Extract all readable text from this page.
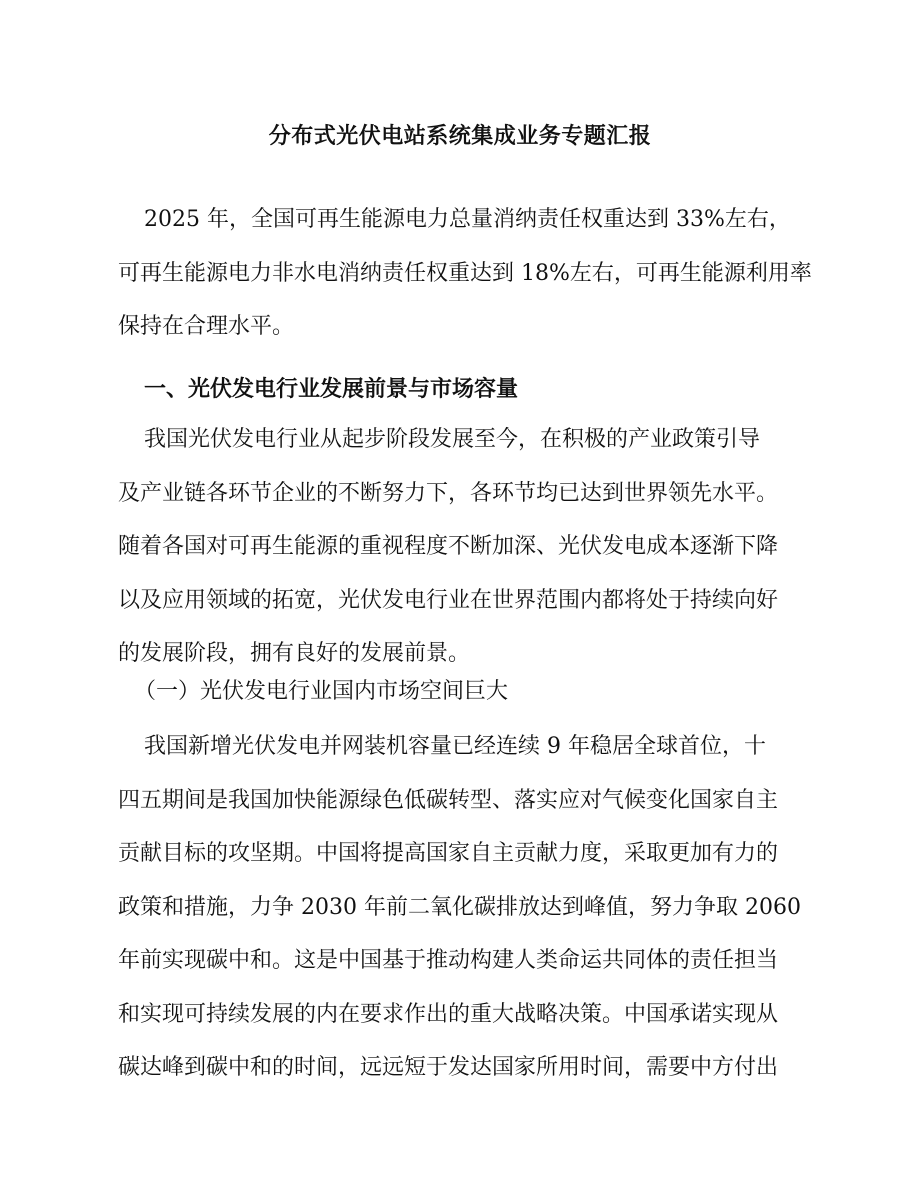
分布式光伏电站系统集成业务专题汇报
2025 年，全国可再生能源电力总量消纳责任权重达到 33%左右，
可再生能源电力非水电消纳责任权重达到 18%左右，可再生能源利用率
保持在合理水平。
一、光伏发电行业发展前景与市场容量
我国光伏发电行业从起步阶段发展至今，在积极的产业政策引导
及产业链各环节企业的不断努力下，各环节均已达到世界领先水平。
随着各国对可再生能源的重视程度不断加深、光伏发电成本逐渐下降
以及应用领域的拓宽，光伏发电行业在世界范围内都将处于持续向好
的发展阶段，拥有良好的发展前景。
（一）光伏发电行业国内市场空间巨大
我国新增光伏发电并网装机容量已经连续 9 年稳居全球首位，十
四五期间是我国加快能源绿色低碳转型、落实应对气候变化国家自主
贡献目标的攻坚期。中国将提高国家自主贡献力度，采取更加有力的
政策和措施，力争 2030 年前二氧化碳排放达到峰值，努力争取 2060
年前实现碳中和。这是中国基于推动构建人类命运共同体的责任担当
和实现可持续发展的内在要求作出的重大战略决策。中国承诺实现从
碳达峰到碳中和的时间，远远短于发达国家所用时间，需要中方付出
